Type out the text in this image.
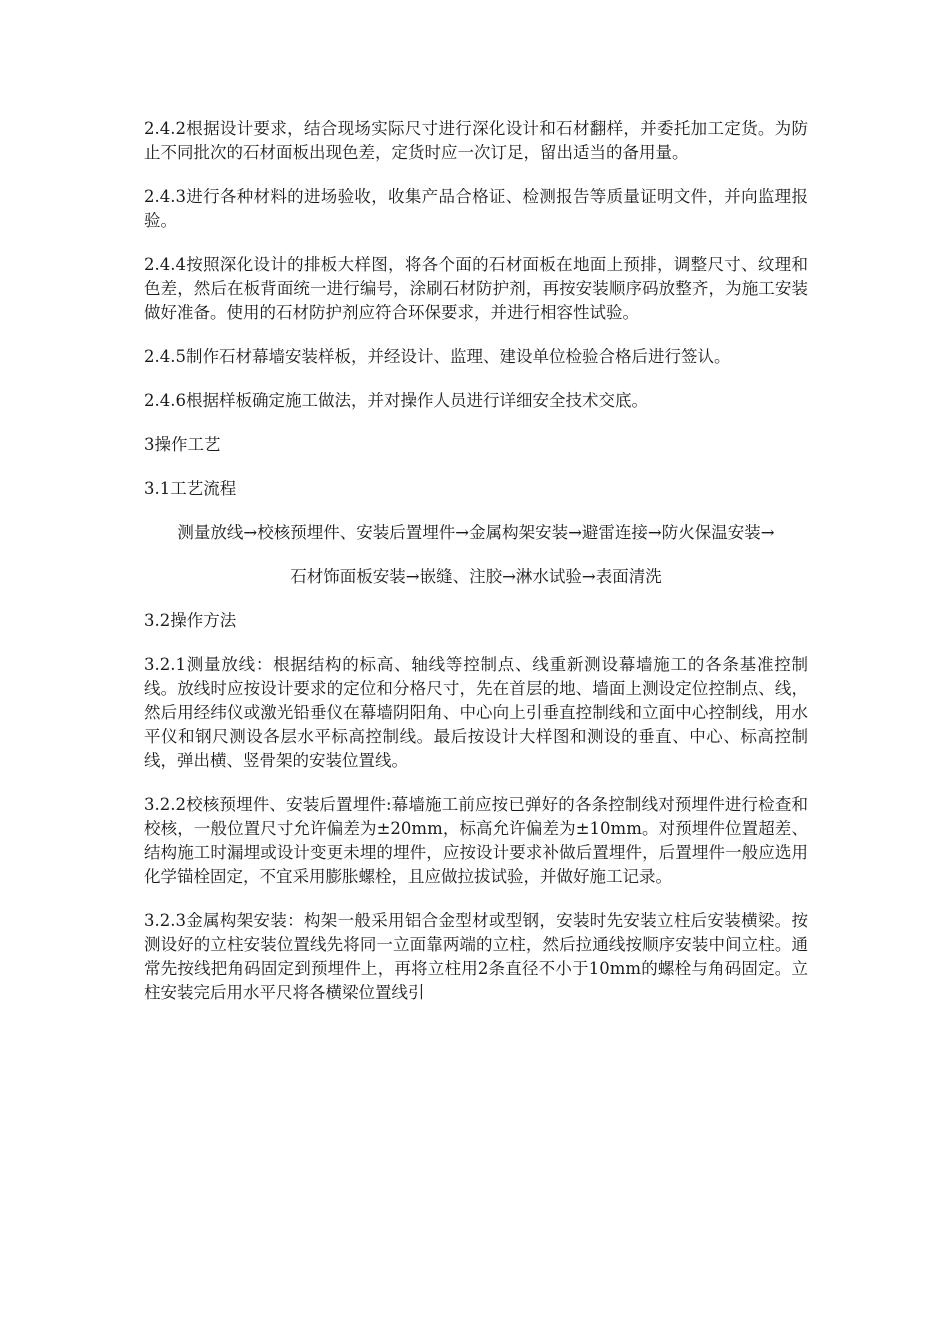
2.4.2根据设计要求，结合现场实际尺寸进行深化设计和石材翻样，并委托加工定货。为防止不同批次的石材面板出现色差，定货时应一次订足，留出适当的备用量。

2.4.3进行各种材料的进场验收，收集产品合格证、检测报告等质量证明文件，并向监理报验。

2.4.4按照深化设计的排板大样图，将各个面的石材面板在地面上预排，调整尺寸、纹理和色差，然后在板背面统一进行编号，涂刷石材防护剂，再按安装顺序码放整齐，为施工安装做好准备。使用的石材防护剂应符合环保要求，并进行相容性试验。

2.4.5制作石材幕墙安装样板，并经设计、监理、建设单位检验合格后进行签认。

2.4.6根据样板确定施工做法，并对操作人员进行详细安全技术交底。

3操作工艺

3.1工艺流程

测量放线→校核预埋件、安装后置埋件→金属构架安装→避雷连接→防火保温安装→

石材饰面板安装→嵌缝、注胶→淋水试验→表面清洗

3.2操作方法

3.2.1测量放线：根据结构的标高、轴线等控制点、线重新测设幕墙施工的各条基准控制线。放线时应按设计要求的定位和分格尺寸，先在首层的地、墙面上测设定位控制点、线，然后用经纬仪或激光铅垂仪在幕墙阴阳角、中心向上引垂直控制线和立面中心控制线，用水平仪和钢尺测设各层水平标高控制线。最后按设计大样图和测设的垂直、中心、标高控制线，弹出横、竖骨架的安装位置线。

3.2.2校核预埋件、安装后置埋件:幕墙施工前应按已弹好的各条控制线对预埋件进行检查和校核，一般位置尺寸允许偏差为±20mm，标高允许偏差为±10mm。对预埋件位置超差、结构施工时漏埋或设计变更未埋的埋件，应按设计要求补做后置埋件，后置埋件一般应选用化学锚栓固定，不宜采用膨胀螺栓，且应做拉拔试验，并做好施工记录。

3.2.3金属构架安装：构架一般采用铝合金型材或型钢，安装时先安装立柱后安装横梁。按测设好的立柱安装位置线先将同一立面靠两端的立柱，然后拉通线按顺序安装中间立柱。通常先按线把角码固定到预埋件上，再将立柱用2条直径不小于10mm的螺栓与角码固定。立柱安装完后用水平尺将各横梁位置线引
